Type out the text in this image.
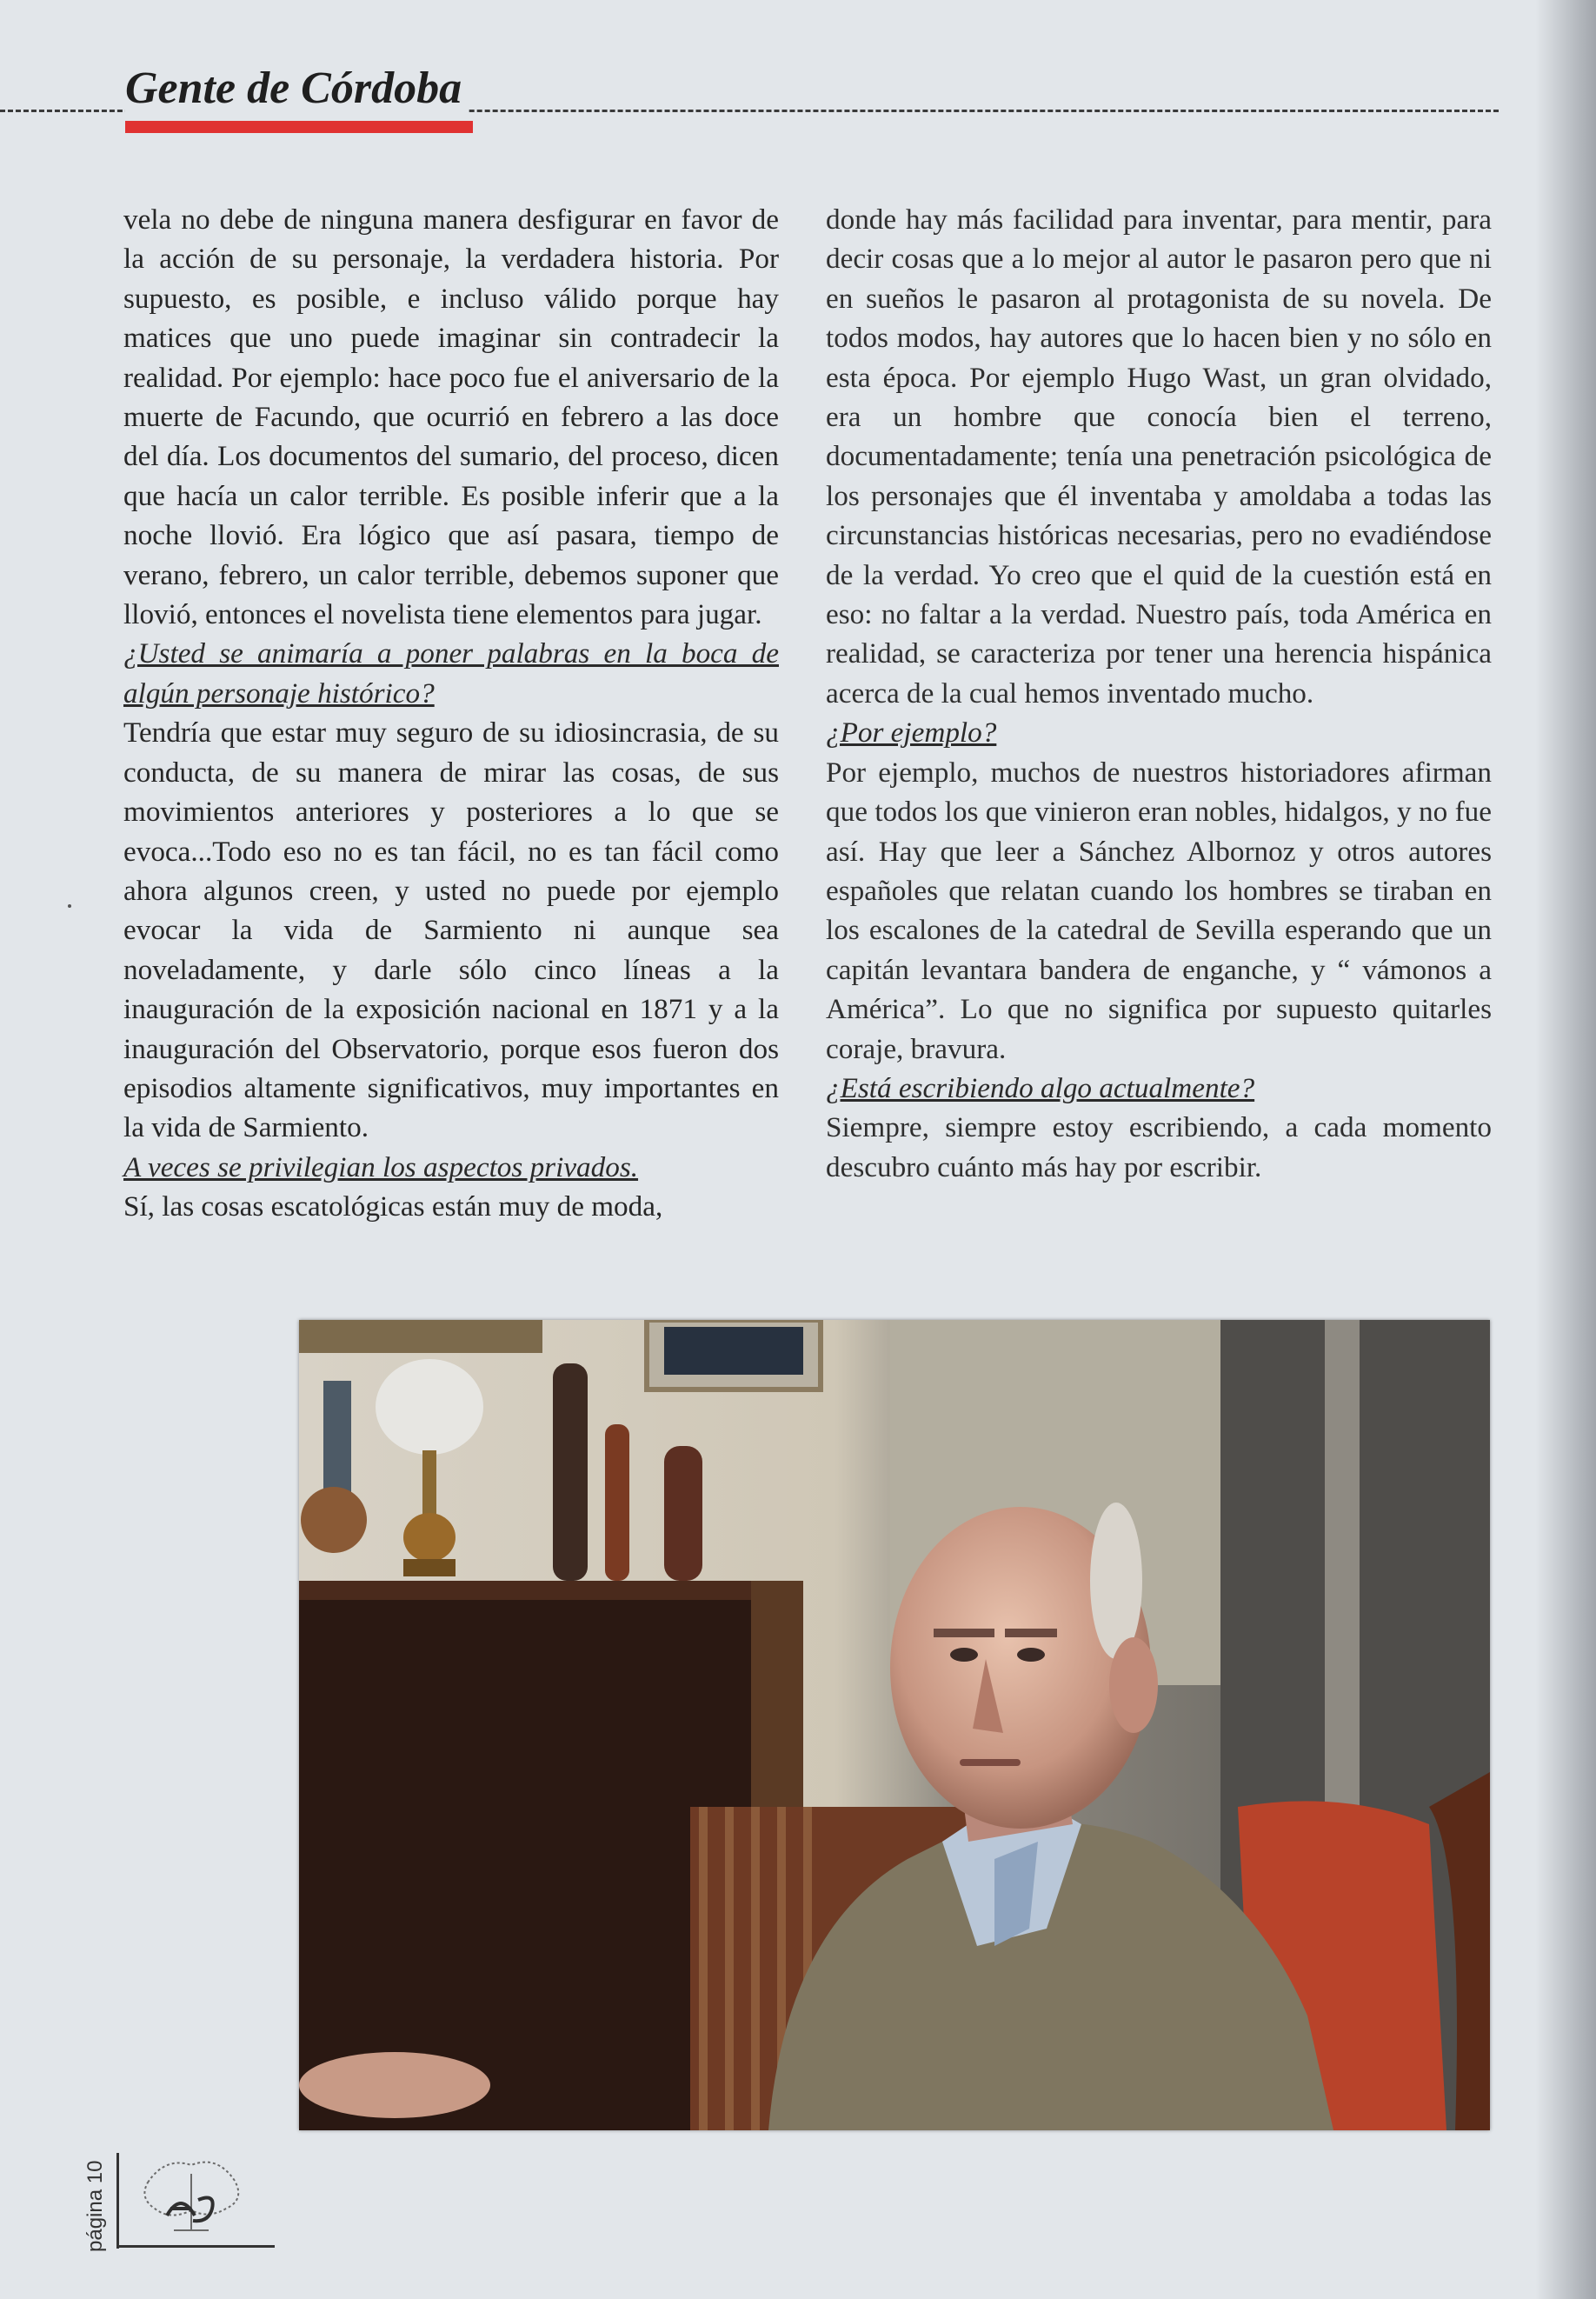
Gente de Córdoba

vela no debe de ninguna manera desfigurar en favor de la acción de su personaje, la verdadera historia. Por supuesto, es posible, e incluso válido porque hay matices que uno puede imaginar sin contradecir la realidad. Por ejemplo: hace poco fue el aniversario de la muerte de Facundo, que ocurrió en febrero a las doce del día. Los documentos del sumario, del proceso, dicen que hacía un calor terrible. Es posible inferir que a la noche llovió. Era lógico que así pasara, tiempo de verano, febrero, un calor terrible, debemos suponer que llovió, entonces el novelista tiene elementos para jugar.

¿Usted se animaría a poner palabras en la boca de algún personaje histórico?

Tendría que estar muy seguro de su idiosincrasia, de su conducta, de su manera de mirar las cosas, de sus movimientos anteriores y posteriores a lo que se evoca...Todo eso no es tan fácil, no es tan fácil como ahora algunos creen, y usted no puede por ejemplo evocar la vida de Sarmiento ni aunque sea noveladamente, y darle sólo cinco líneas a la inauguración de la exposición nacional en 1871 y a la inauguración del Observatorio, porque esos fueron dos episodios altamente significativos, muy importantes en la vida de Sarmiento.

A veces se privilegian los aspectos privados.

Sí, las cosas escatológicas están muy de moda,

donde hay más facilidad para inventar, para mentir, para decir cosas que a lo mejor al autor le pasaron pero que ni en sueños le pasaron al protagonista de su novela. De todos modos, hay autores que lo hacen bien y no sólo en esta época. Por ejemplo Hugo Wast, un gran olvidado, era un hombre que conocía bien el terreno, documentadamente; tenía una penetración psicológica de los personajes que él inventaba y amoldaba a todas las circunstancias históricas necesarias, pero no evadiéndose de la verdad. Yo creo que el quid de la cuestión está en eso: no faltar a la verdad. Nuestro país, toda América en realidad, se caracteriza por tener una herencia hispánica acerca de la cual hemos inventado mucho.

¿Por ejemplo?

Por ejemplo, muchos de nuestros historiadores afirman que todos los que vinieron eran nobles, hidalgos, y no fue así. Hay que leer a Sánchez Albornoz y otros autores españoles que relatan cuando los hombres se tiraban en los escalones de la catedral de Sevilla esperando que un capitán levantara bandera de enganche, y “ vámonos a América”. Lo que no significa por supuesto quitarles coraje, bravura.

¿Está escribiendo algo actualmente?

Siempre, siempre estoy escribiendo, a cada momento descubro cuánto más hay por escribir.

página 10
